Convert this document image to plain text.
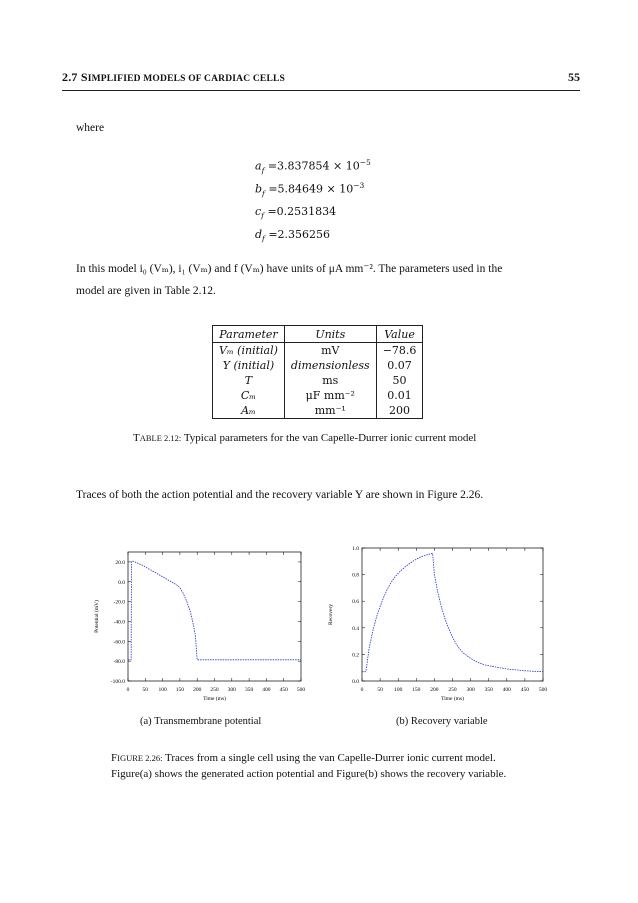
2.7 SIMPLIFIED MODELS OF CARDIAC CELLS	55
where
$a_f =3.837854 \times 10^{-5}$
$b_f =5.84649 \times 10^{-3}$
$c_f =0.2531834$
$d_f =2.356256$
In this model i₀ (Vₘ), i₁ (Vₘ) and f (Vₘ) have units of μA mm⁻². The parameters used in the
model are given in Table 2.12.
Parameter	Units	Value
Vₘ (initial)	mV	−78.6
Y (initial)	dimensionless	0.07
T	ms	50
Cₘ	μF mm⁻²	0.01
Aₘ	mm⁻¹	200
TABLE 2.12: Typical parameters for the van Capelle-Durrer ionic current model
Traces of both the action potential and the recovery variable Y are shown in Figure 2.26.
0 50 100 150 200 250 300 350 400 450 500
-100.0
-80.0
-60.0
-40.0
-20.0
0.0
20.0
Time (ms)
Potential (mV)
0	50 100 150 200 250 300 350 400 450 500
0.0
0.2
0.4
0.6
0.8
1.0
Time (ms)
Recovery
(a) Transmembrane potential	(b) Recovery variable
FIGURE 2.26: Traces from a single cell using the van Capelle-Durrer ionic current model.
Figure(a) shows the generated action potential and Figure(b) shows the recovery variable.
